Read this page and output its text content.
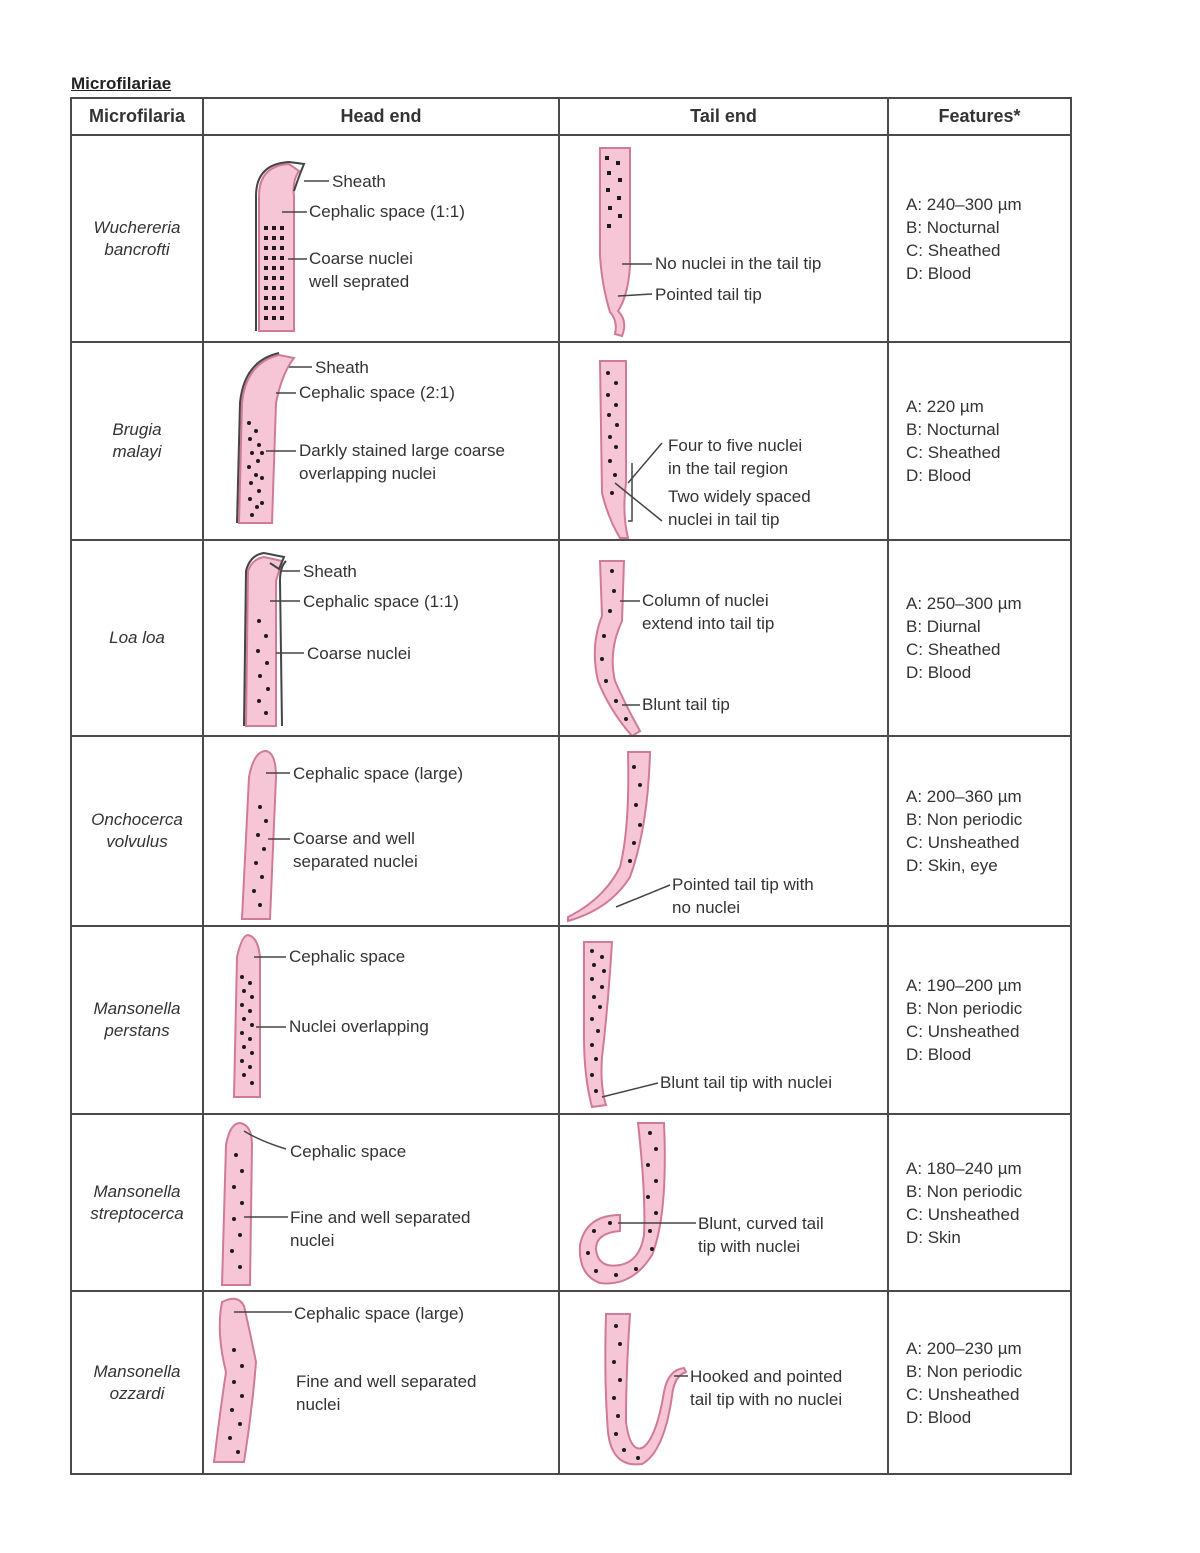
Microfilariae
Microfilaria	Head end	Tail end	Features*

Wuchereria
bancrofti	Sheath
Cephalic space (1:1)
Coarse nuclei
well seprated	No nuclei in the tail tip
Pointed tail tip	A: 240–300 µm
B: Nocturnal
C: Sheathed
D: Blood

Brugia
malayi	Sheath
Cephalic space (2:1)
Darkly stained large coarse
overlapping nuclei	Four to five nuclei
in the tail region
Two widely spaced
nuclei in tail tip	A: 220 µm
B: Nocturnal
C: Sheathed
D: Blood

Loa loa	Sheath
Cephalic space (1:1)
Coarse nuclei	Column of nuclei
extend into tail tip
Blunt tail tip	A: 250–300 µm
B: Diurnal
C: Sheathed
D: Blood

Onchocerca
volvulus	Cephalic space (large)
Coarse and well
separated nuclei	Pointed tail tip with
no nuclei	A: 200–360 µm
B: Non periodic
C: Unsheathed
D: Skin, eye

Mansonella
perstans	Cephalic space
Nuclei overlapping	Blunt tail tip with nuclei	A: 190–200 µm
B: Non periodic
C: Unsheathed
D: Blood

Mansonella
streptocerca	Cephalic space
Fine and well separated
nuclei	Blunt, curved tail
tip with nuclei	A: 180–240 µm
B: Non periodic
C: Unsheathed
D: Skin

Mansonella
ozzardi	Cephalic space (large)
Fine and well separated
nuclei	Hooked and pointed
tail tip with no nuclei	A: 200–230 µm
B: Non periodic
C: Unsheathed
D: Blood
